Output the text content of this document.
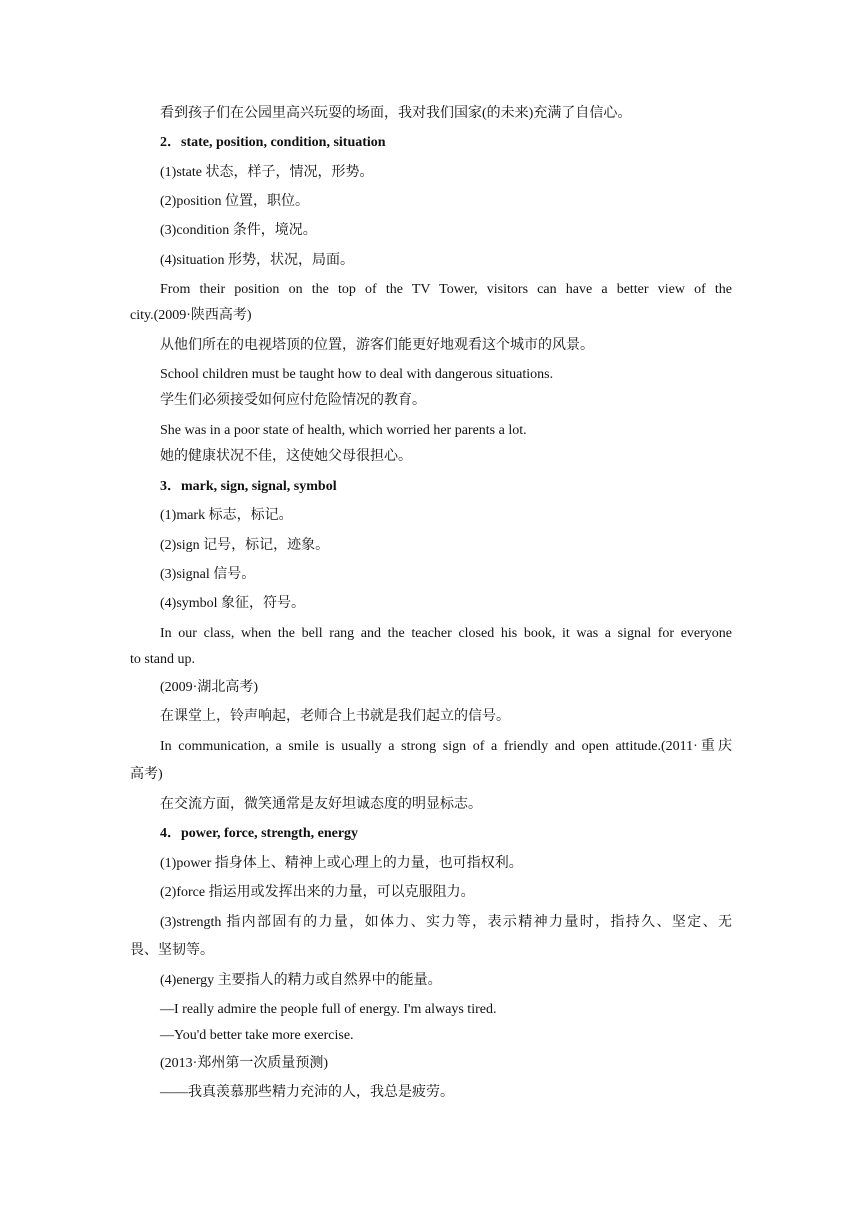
看到孩子们在公园里高兴玩耍的场面，我对我们国家(的未来)充满了自信心。
2．state, position, condition, situation
(1)state 状态，样子，情况，形势。
(2)position 位置，职位。
(3)condition 条件，境况。
(4)situation 形势，状况，局面。
From their position on the top of the TV Tower, visitors can have a better view of the
city.(2009·陕西高考)
从他们所在的电视塔顶的位置，游客们能更好地观看这个城市的风景。
School children must be taught how to deal with dangerous situations.
学生们必须接受如何应付危险情况的教育。
She was in a poor state of health, which worried her parents a lot.
她的健康状况不佳，这使她父母很担心。
3．mark, sign, signal, symbol
(1)mark 标志，标记。
(2)sign 记号，标记，迹象。
(3)signal 信号。
(4)symbol 象征，符号。
In our class, when the bell rang and the teacher closed his book, it was a signal for everyone
to stand up.
(2009·湖北高考)
在课堂上，铃声响起，老师合上书就是我们起立的信号。
In communication, a smile is usually a strong sign of a friendly and open attitude.(2011·重庆
高考)
在交流方面，微笑通常是友好坦诚态度的明显标志。
4．power, force, strength, energy
(1)power 指身体上、精神上或心理上的力量，也可指权利。
(2)force 指运用或发挥出来的力量，可以克服阻力。
(3)strength 指内部固有的力量，如体力、实力等，表示精神力量时，指持久、坚定、无
畏、坚韧等。
(4)energy 主要指人的精力或自然界中的能量。
—I really admire the people full of energy. I'm always tired.
—You'd better take more exercise.
(2013·郑州第一次质量预测)
——我真羡慕那些精力充沛的人，我总是疲劳。
